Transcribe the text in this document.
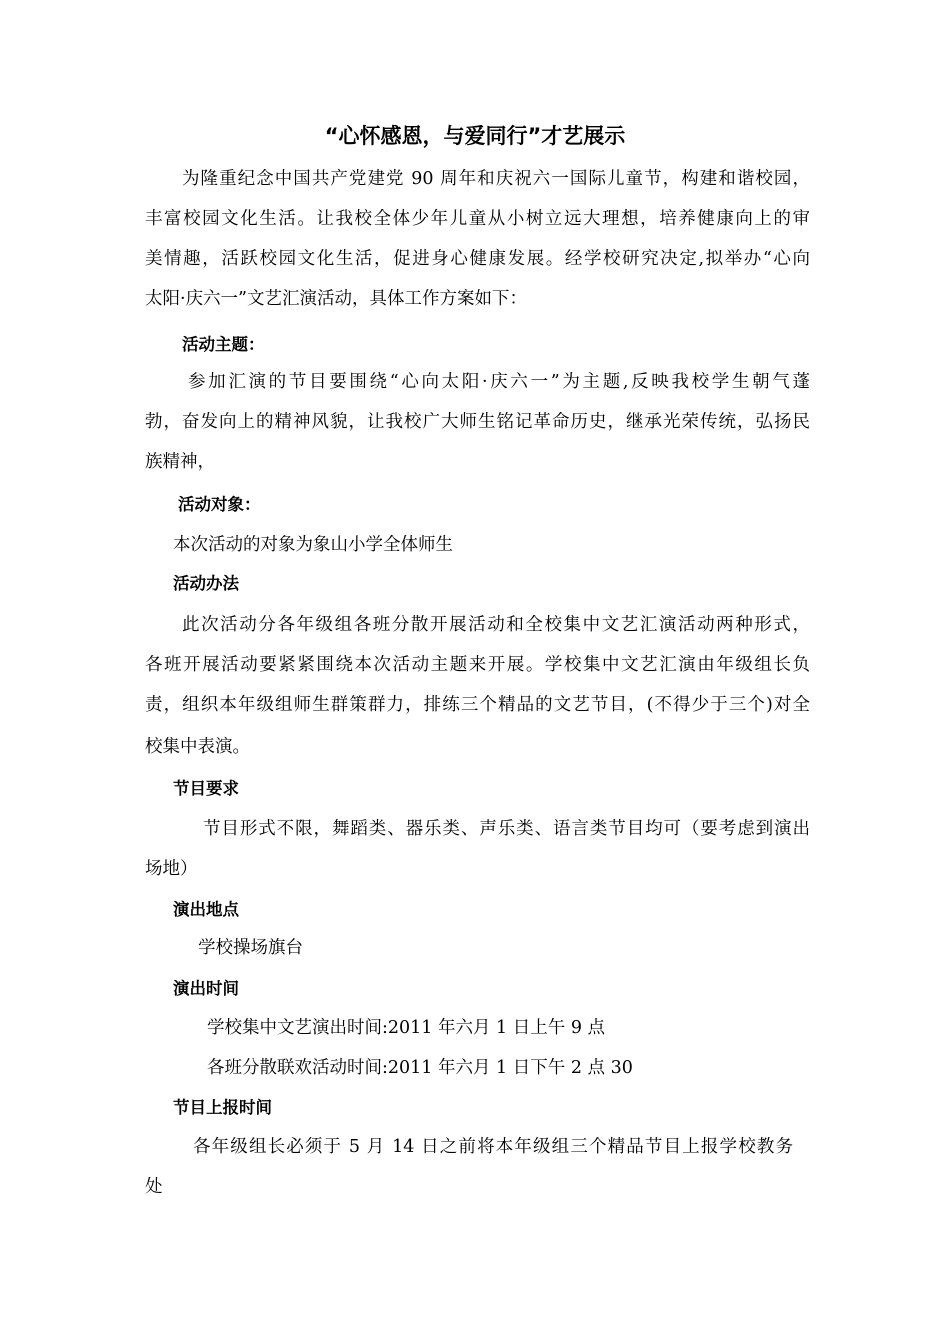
“心怀感恩，与爱同行”才艺展示
为隆重纪念中国共产党建党 90 周年和庆祝六一国际儿童节，构建和谐校园，
丰富校园文化生活。让我校全体少年儿童从小树立远大理想，培养健康向上的审
美情趣，活跃校园文化生活，促进身心健康发展。经学校研究决定,拟举办“心向
太阳·庆六一”文艺汇演活动，具体工作方案如下：
活动主题：
参加汇演的节目要围绕“心向太阳·庆六一”为主题,反映我校学生朝气蓬
勃，奋发向上的精神风貌，让我校广大师生铭记革命历史，继承光荣传统，弘扬民
族精神，
活动对象：
本次活动的对象为象山小学全体师生
活动办法
此次活动分各年级组各班分散开展活动和全校集中文艺汇演活动两种形式，
各班开展活动要紧紧围绕本次活动主题来开展。学校集中文艺汇演由年级组长负
责，组织本年级组师生群策群力，排练三个精品的文艺节目，(不得少于三个)对全
校集中表演。
节目要求
节目形式不限，舞蹈类、器乐类、声乐类、语言类节目均可（要考虑到演出
场地）
演出地点
学校操场旗台
演出时间
学校集中文艺演出时间:2011 年六月 1 日上午 9 点
各班分散联欢活动时间:2011 年六月 1 日下午 2 点 30
节目上报时间
各年级组长必须于 5 月 14 日之前将本年级组三个精品节目上报学校教务
处
